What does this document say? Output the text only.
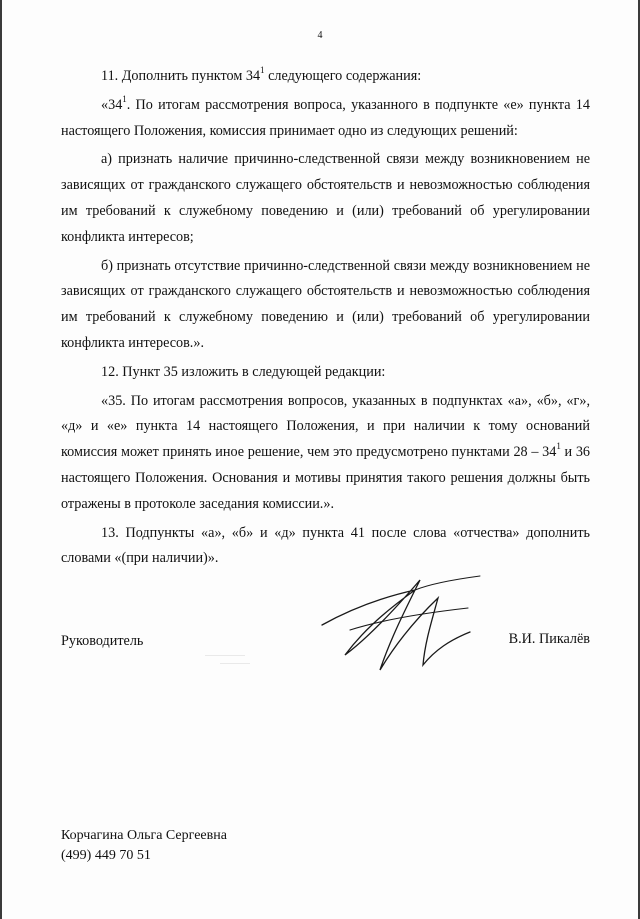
4

11. Дополнить пунктом $34^1$ следующего содержания:

«$34^1$. По итогам рассмотрения вопроса, указанного в подпункте «е» пункта 14 настоящего Положения, комиссия принимает одно из следующих решений:

а) признать наличие причинно-следственной связи между возникновением не зависящих от гражданского служащего обстоятельств и невозможностью соблюдения им требований к служебному поведению и (или) требований об урегулировании конфликта интересов;

б) признать отсутствие причинно-следственной связи между возникновением не зависящих от гражданского служащего обстоятельств и невозможностью соблюдения им требований к служебному поведению и (или) требований об урегулировании конфликта интересов.».

12. Пункт 35 изложить в следующей редакции:

«35. По итогам рассмотрения вопросов, указанных в подпунктах «а», «б», «г», «д» и «е» пункта 14 настоящего Положения, и при наличии к тому оснований комиссия может принять иное решение, чем это предусмотрено пунктами $28 - 34^1$ и 36 настоящего Положения. Основания и мотивы принятия такого решения должны быть отражены в протоколе заседания комиссии.».

13. Подпункты «а», «б» и «д» пункта 41 после слова «отчества» дополнить словами «(при наличии)».

Руководитель	В.И. Пикалёв
Корчагина Ольга Сергеевна
(499) 449 70 51
